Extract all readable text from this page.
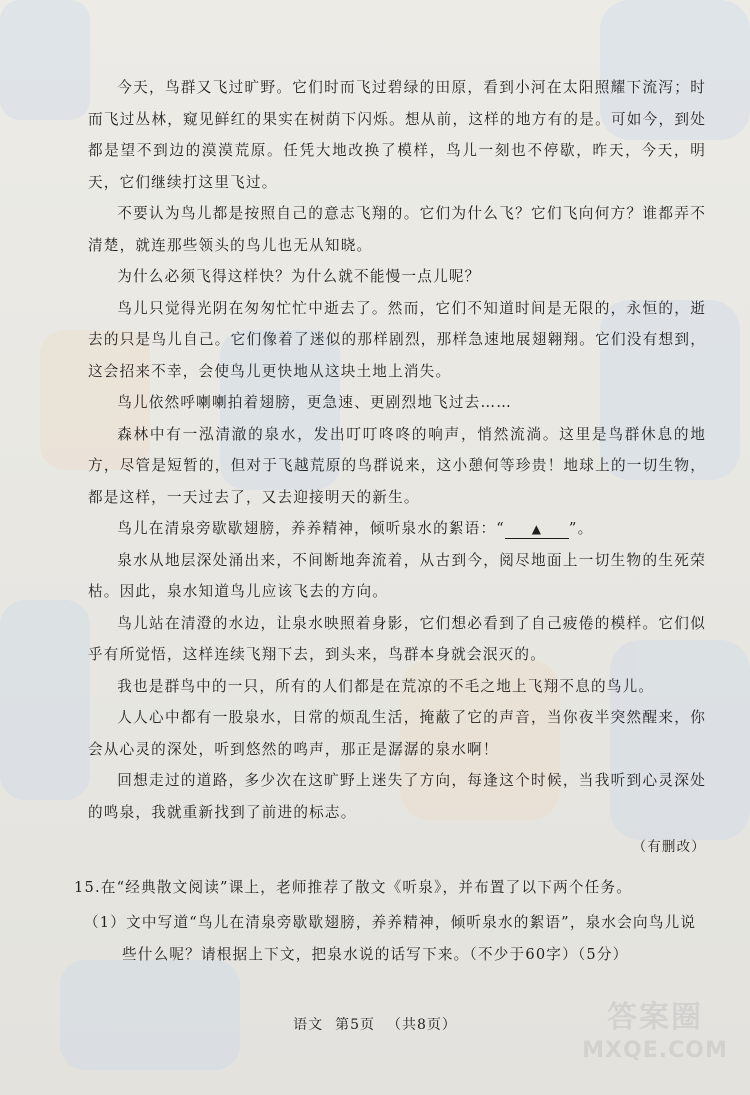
今天，鸟群又飞过旷野。它们时而飞过碧绿的田原，看到小河在太阳照耀下流泻；时而飞过丛林，窥见鲜红的果实在树荫下闪烁。想从前，这样的地方有的是。可如今，到处都是望不到边的漠漠荒原。任凭大地改换了模样，鸟儿一刻也不停歇，昨天，今天，明天，它们继续打这里飞过。

不要认为鸟儿都是按照自己的意志飞翔的。它们为什么飞？它们飞向何方？谁都弄不清楚，就连那些领头的鸟儿也无从知晓。

为什么必须飞得这样快？为什么就不能慢一点儿呢？

鸟儿只觉得光阴在匆匆忙忙中逝去了。然而，它们不知道时间是无限的，永恒的，逝去的只是鸟儿自己。它们像着了迷似的那样剧烈，那样急速地展翅翱翔。它们没有想到，这会招来不幸，会使鸟儿更快地从这块土地上消失。

鸟儿依然呼喇喇拍着翅膀，更急速、更剧烈地飞过去……

森林中有一泓清澈的泉水，发出叮叮咚咚的响声，悄然流淌。这里是鸟群休息的地方，尽管是短暂的，但对于飞越荒原的鸟群说来，这小憩何等珍贵！地球上的一切生物，都是这样，一天过去了，又去迎接明天的新生。

鸟儿在清泉旁歇歇翅膀，养养精神，倾听泉水的絮语：“ ▲ ”。

泉水从地层深处涌出来，不间断地奔流着，从古到今，阅尽地面上一切生物的生死荣枯。因此，泉水知道鸟儿应该飞去的方向。

鸟儿站在清澄的水边，让泉水映照着身影，它们想必看到了自己疲倦的模样。它们似乎有所觉悟，这样连续飞翔下去，到头来，鸟群本身就会泯灭的。

我也是群鸟中的一只，所有的人们都是在荒凉的不毛之地上飞翔不息的鸟儿。

人人心中都有一股泉水，日常的烦乱生活，掩蔽了它的声音，当你夜半突然醒来，你会从心灵的深处，听到悠然的鸣声，那正是潺潺的泉水啊！

回想走过的道路，多少次在这旷野上迷失了方向，每逢这个时候，当我听到心灵深处的鸣泉，我就重新找到了前进的标志。

（有删改）

15.在“经典散文阅读”课上，老师推荐了散文《听泉》，并布置了以下两个任务。

（1）文中写道“鸟儿在清泉旁歇歇翅膀，养养精神，倾听泉水的絮语”，泉水会向鸟儿说
些什么呢？请根据上下文，把泉水说的话写下来。（不少于60字）（5分）

语文 第5页 （共8页）	答案圈
MXQE.COM
